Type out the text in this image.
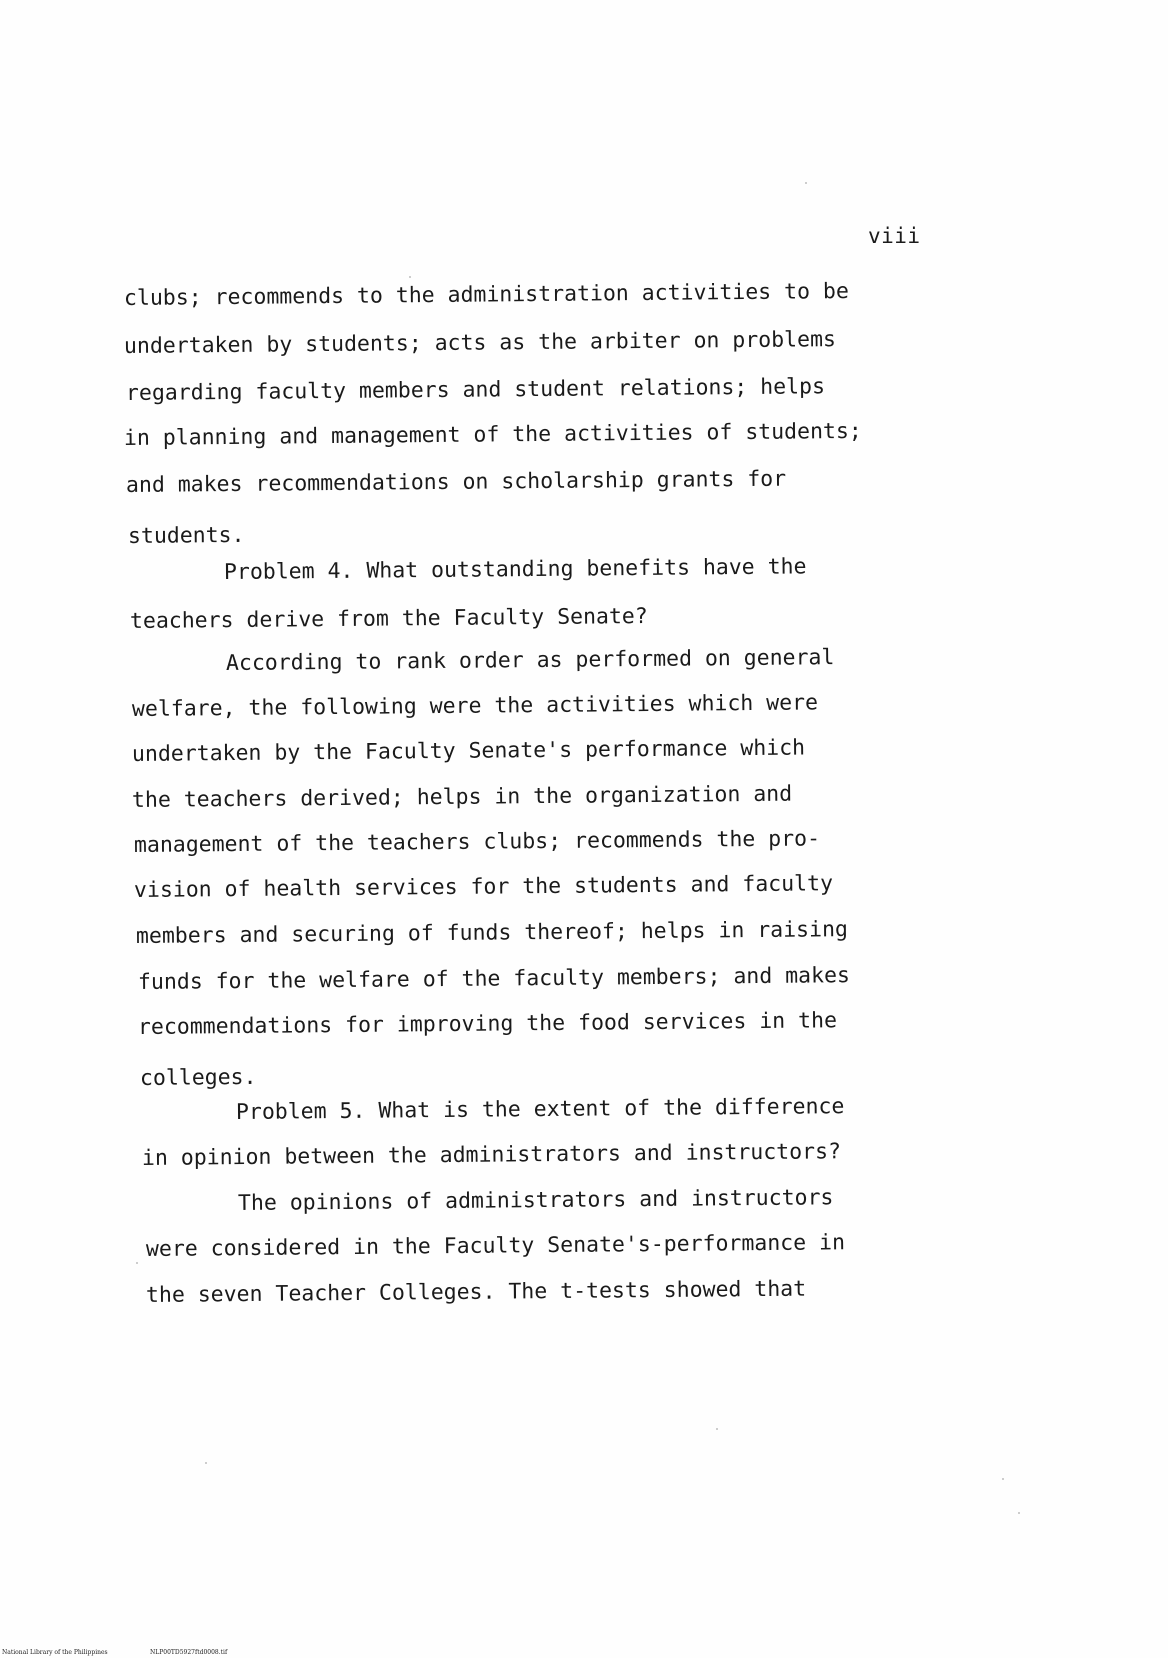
viii
clubs; recommends to the administration activities to be
undertaken by students; acts as the arbiter on problems
regarding faculty members and student relations; helps
in planning and management of the activities of students;
and makes recommendations on scholarship grants for
students.
Problem 4. What outstanding benefits have the
teachers derive from the Faculty Senate?
According to rank order as performed on general
welfare, the following were the activities which were
undertaken by the Faculty Senate's performance which
the teachers derived; helps in the organization and
management of the teachers clubs; recommends the pro-
vision of health services for the students and faculty
members and securing of funds thereof; helps in raising
funds for the welfare of the faculty members; and makes
recommendations for improving the food services in the
colleges.
Problem 5. What is the extent of the difference
in opinion between the administrators and instructors?
The opinions of administrators and instructors
were considered in the Faculty Senate's-performance in
the seven Teacher Colleges. The t-tests showed that
National Library of the Philippines	NLP00TD5927ftd0008.tif
